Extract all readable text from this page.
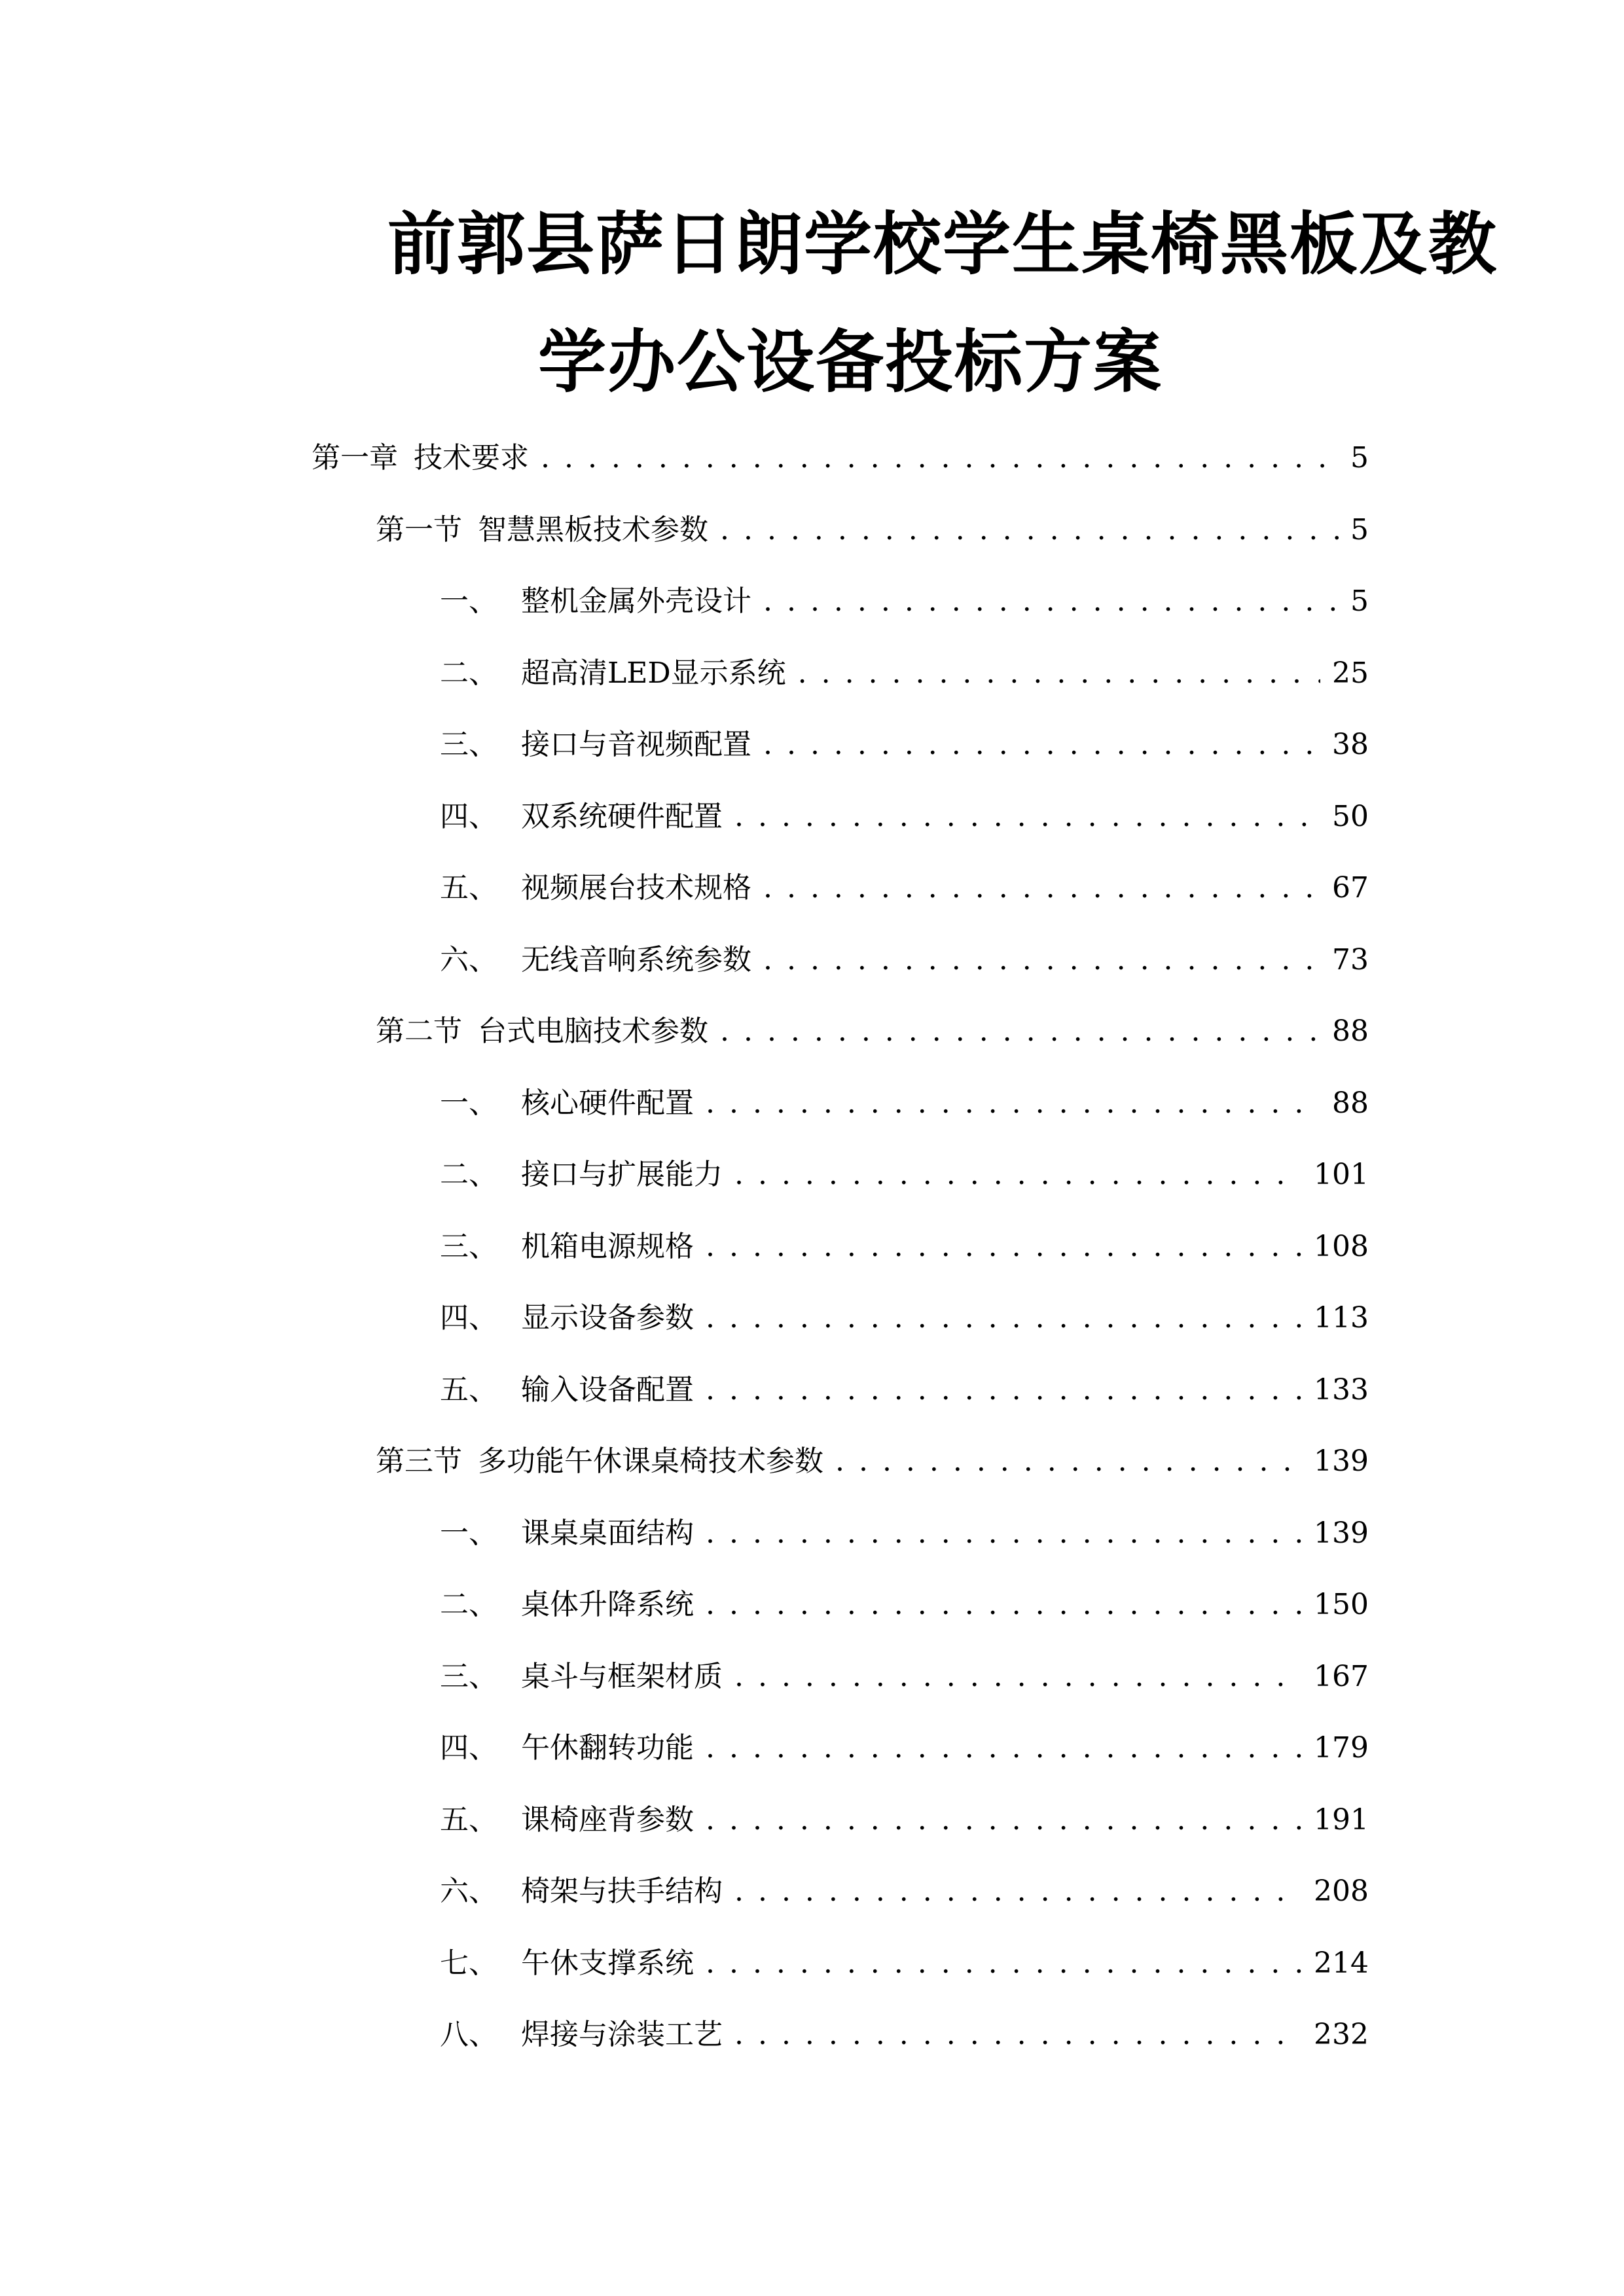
前郭县萨日朗学校学生桌椅黑板及教
学办公设备投标方案
第一章 技术要求 . . .	5
第一节 智慧黑板技术参数 . . .	5
一、 整机金属外壳设计 . . .	5
二、 超高清LED显示系统 . . .	25
三、 接口与音视频配置 . . .	38
四、 双系统硬件配置 . . .	50
五、 视频展台技术规格 . . .	67
六、 无线音响系统参数 . . .	73
第二节 台式电脑技术参数 . . .	88
一、 核心硬件配置 . . .	88
二、 接口与扩展能力 . . .	101
三、 机箱电源规格 . . .	108
四、 显示设备参数 . . .	113
五、 输入设备配置 . . .	133
第三节 多功能午休课桌椅技术参数 . . .	139
一、 课桌桌面结构 . . .	139
二、 桌体升降系统 . . .	150
三、 桌斗与框架材质 . . .	167
四、 午休翻转功能 . . .	179
五、 课椅座背参数 . . .	191
六、 椅架与扶手结构 . . .	208
七、 午休支撑系统 . . .	214
八、 焊接与涂装工艺 . . .	232
